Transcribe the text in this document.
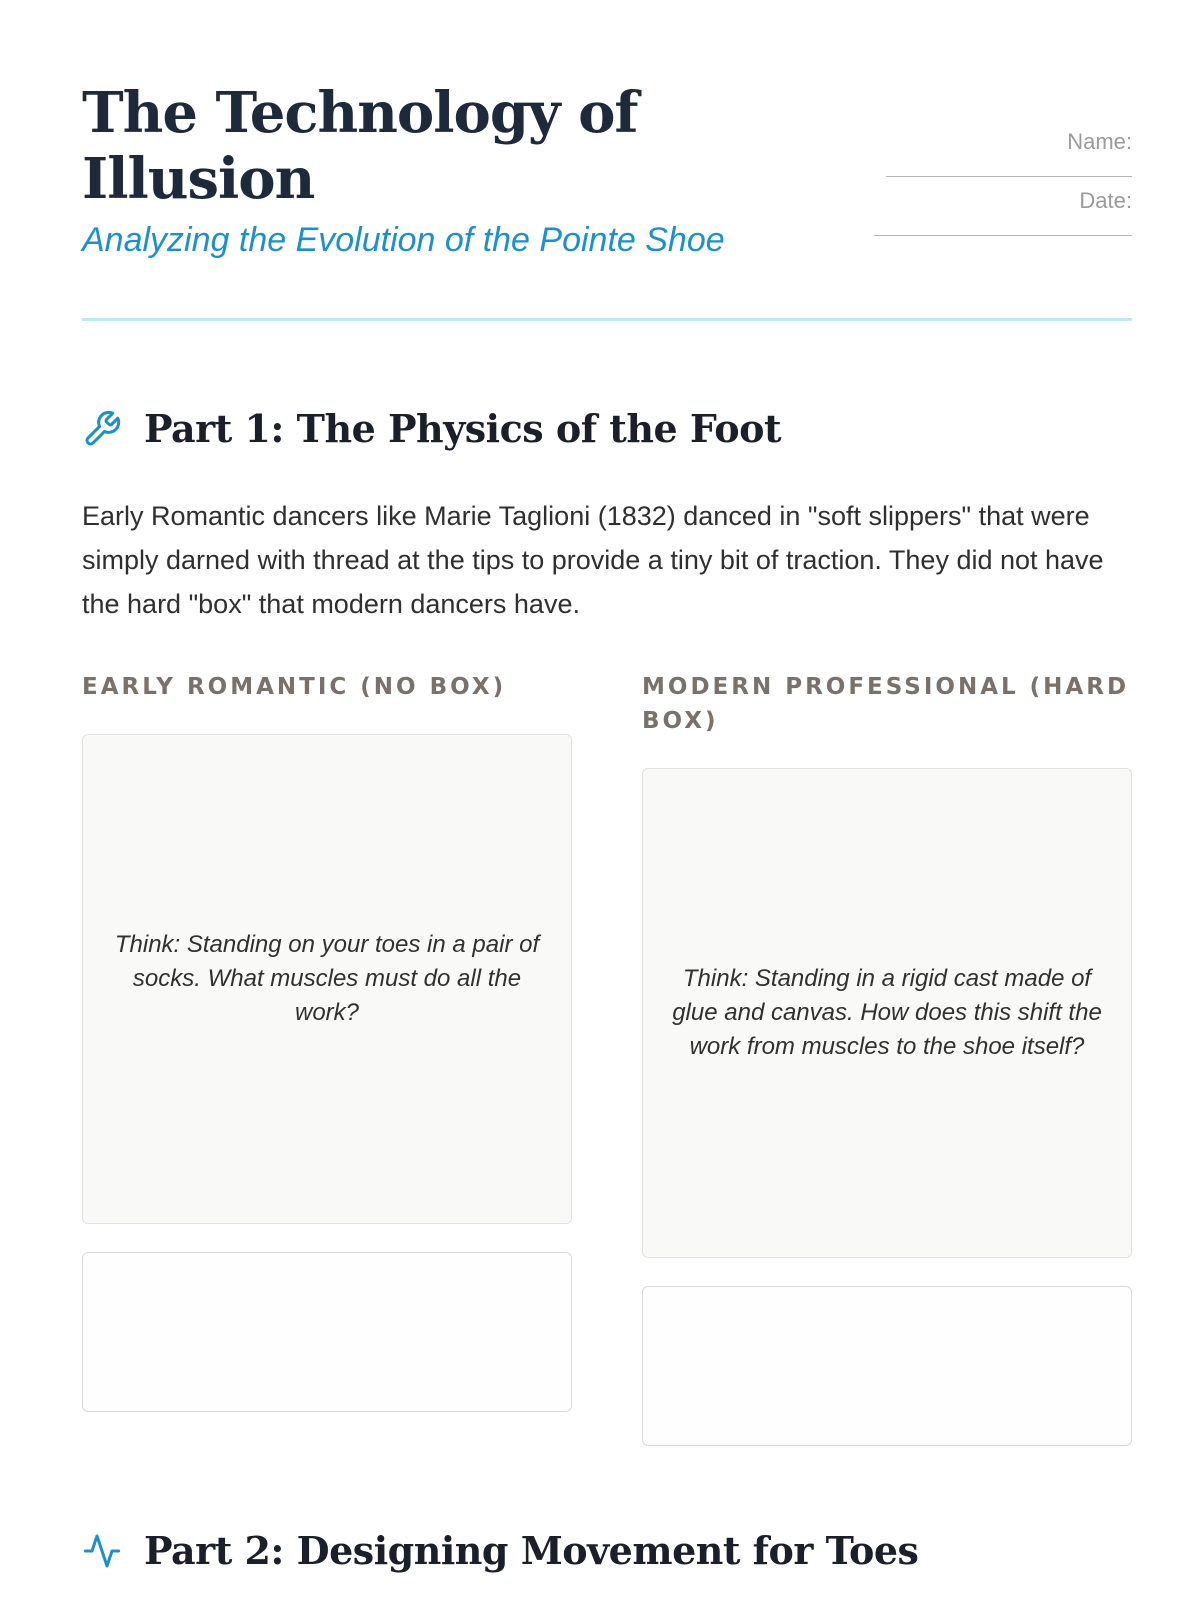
The Technology of Illusion

Analyzing the Evolution of the Pointe Shoe

Name:
Date:
Part 1: The Physics of the Foot

Early Romantic dancers like Marie Taglioni (1832) danced in "soft slippers" that were simply darned with thread at the tips to provide a tiny bit of traction. They did not have the hard "box" that modern dancers have.

EARLY ROMANTIC (NO BOX)
Think: Standing on your toes in a pair of socks. What muscles must do all the work?
MODERN PROFESSIONAL (HARD BOX)
Think: Standing in a rigid cast made of glue and canvas. How does this shift the work from muscles to the shoe itself?
Part 2: Designing Movement for Toes
